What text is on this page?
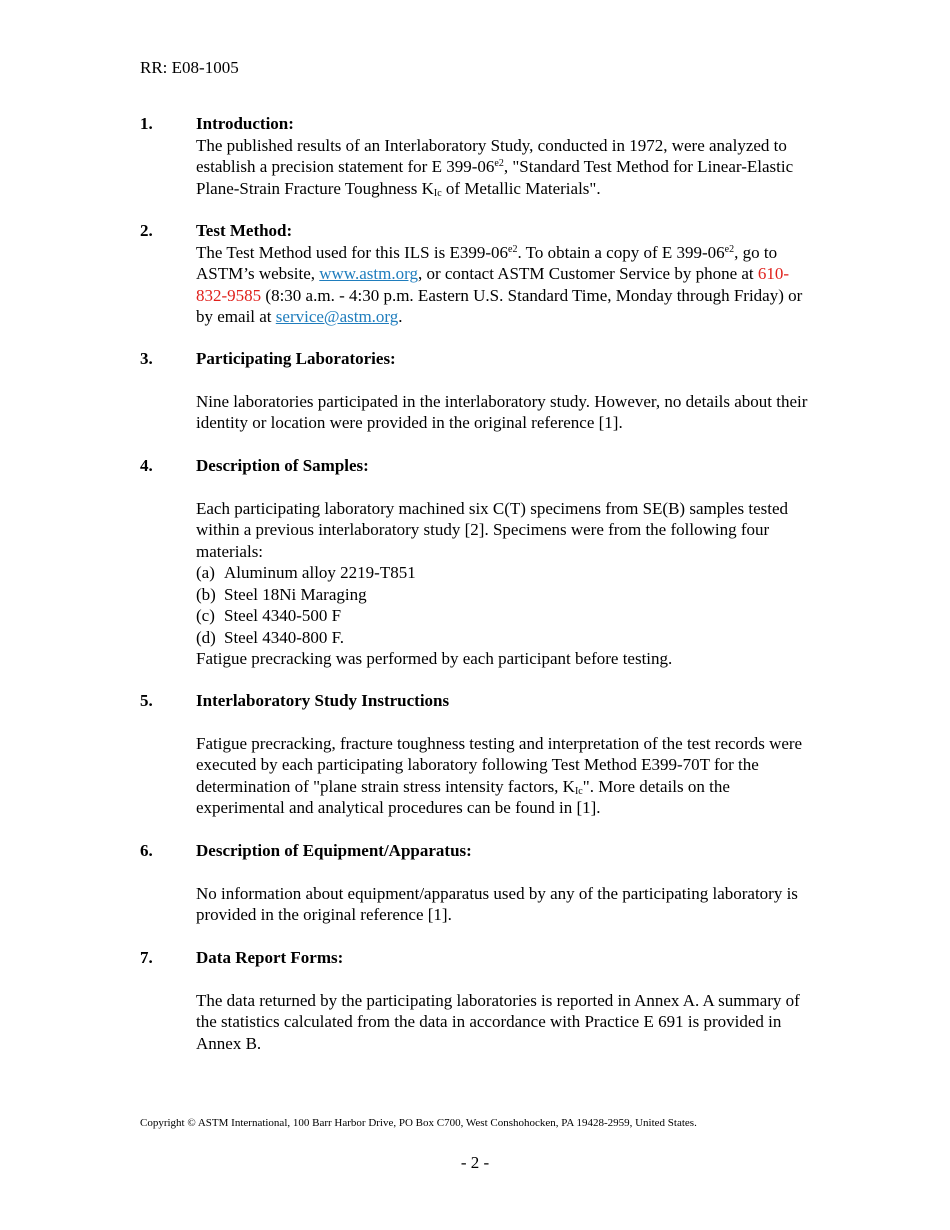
RR: E08-1005
1.	Introduction:
The published results of an Interlaboratory Study, conducted in 1972, were analyzed to establish a precision statement for E $399-06^{e2}$, "Standard Test Method for Linear-Elastic Plane-Strain Fracture Toughness $K_{Ic}$ of Metallic Materials".
2.	Test Method:
The Test Method used for this ILS is $E399-06^{e2}$. To obtain a copy of E $399-06^{e2}$, go to ASTM’s website, www.astm.org, or contact ASTM Customer Service by phone at 610-832-9585 (8:30 a.m. - 4:30 p.m. Eastern U.S. Standard Time, Monday through Friday) or by email at service@astm.org.
3.	Participating Laboratories:
Nine laboratories participated in the interlaboratory study. However, no details about their identity or location were provided in the original reference [1].
4.	Description of Samples:
Each participating laboratory machined six C(T) specimens from SE(B) samples tested within a previous interlaboratory study [2]. Specimens were from the following four materials:
(a) Aluminum alloy 2219-T851
(b) Steel 18Ni Maraging
(c) Steel 4340-500 F
(d) Steel 4340-800 F.
Fatigue precracking was performed by each participant before testing.
5.	Interlaboratory Study Instructions
Fatigue precracking, fracture toughness testing and interpretation of the test records were executed by each participating laboratory following Test Method E399-70T for the determination of "plane strain stress intensity factors, $K_{Ic}$". More details on the experimental and analytical procedures can be found in [1].
6.	Description of Equipment/Apparatus:
No information about equipment/apparatus used by any of the participating laboratory is provided in the original reference [1].
7.	Data Report Forms:
The data returned by the participating laboratories is reported in Annex A. A summary of the statistics calculated from the data in accordance with Practice E 691 is provided in Annex B.
Copyright © ASTM International, 100 Barr Harbor Drive, PO Box C700, West Conshohocken, PA 19428-2959, United States.
- 2 -
